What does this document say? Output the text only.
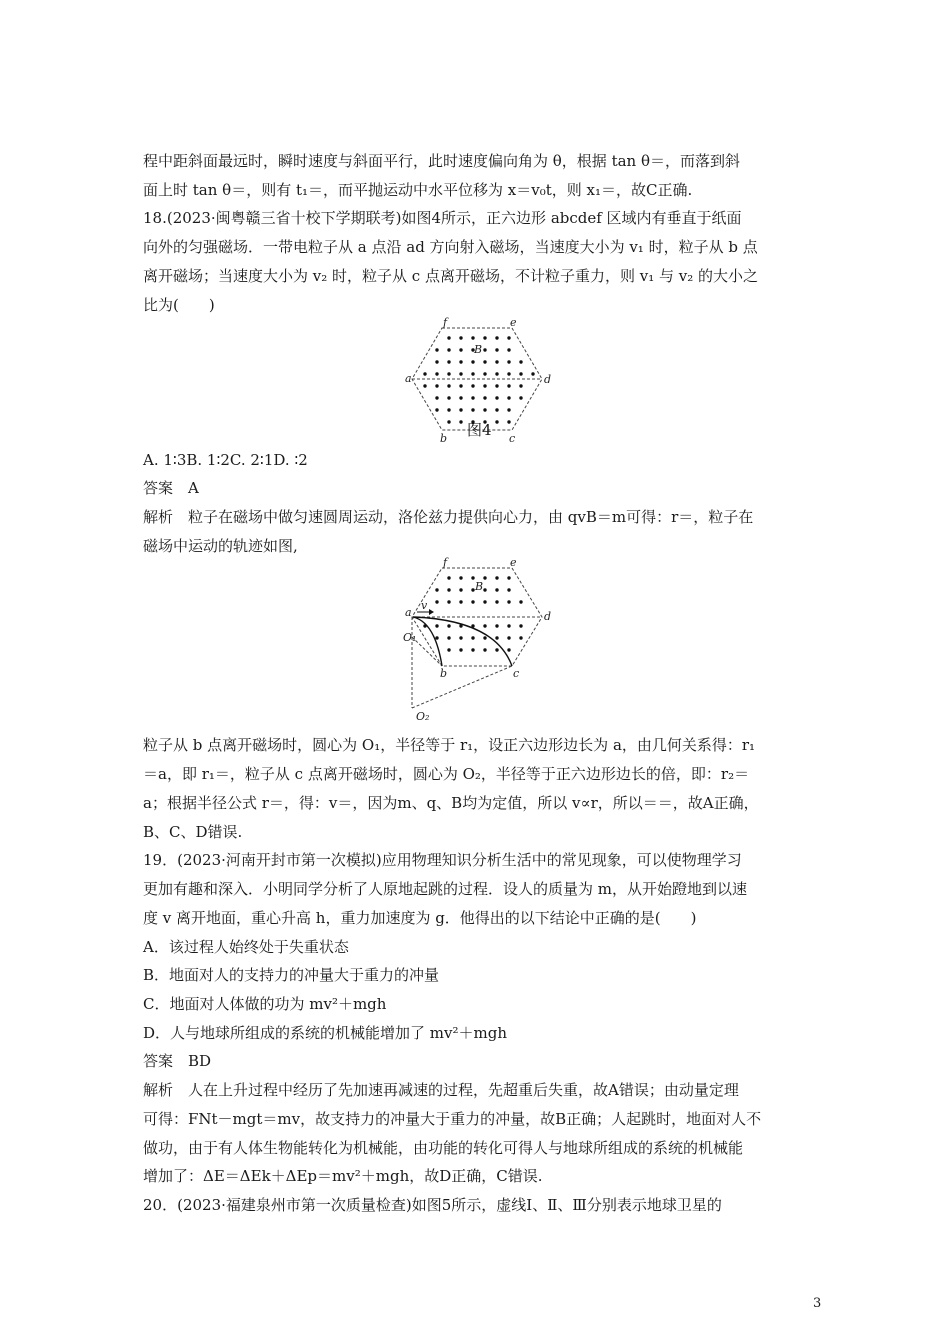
程中距斜面最远时，瞬时速度与斜面平行，此时速度偏向角为 θ，根据 tan θ＝，而落到斜
面上时 tan θ＝，则有 t₁＝，而平抛运动中水平位移为 x＝v₀t，则 x₁＝，故C正确.
18.(2023·闽粤赣三省十校下学期联考)如图4所示，正六边形 abcdef 区域内有垂直于纸面
向外的匀强磁场．一带电粒子从 a 点沿 ad 方向射入磁场，当速度大小为 v₁ 时，粒子从 b 点
离开磁场；当速度大小为 v₂ 时，粒子从 c 点离开磁场，不计粒子重力，则 v₁ 与 v₂ 的大小之
比为(　　)
f	e
a	d
b	c
B
图4
A. 1∶3B. 1∶2C. 2∶1D. ∶2
答案　A
解析　粒子在磁场中做匀速圆周运动，洛伦兹力提供向心力，由 qvB＝m可得：r＝，粒子在
磁场中运动的轨迹如图,
f	e
a
v
d
b	c
B
O₁
O₂
粒子从 b 点离开磁场时，圆心为 O₁，半径等于 r₁，设正六边形边长为 a，由几何关系得：r₁
＝a，即 r₁＝，粒子从 c 点离开磁场时，圆心为 O₂，半径等于正六边形边长的倍，即：r₂＝
a；根据半径公式 r＝，得：v＝，因为m、q、B均为定值，所以 v∝r，所以＝＝，故A正确，
B、C、D错误.
19．(2023·河南开封市第一次模拟)应用物理知识分析生活中的常见现象，可以使物理学习
更加有趣和深入．小明同学分析了人原地起跳的过程．设人的质量为 m，从开始蹬地到以速
度 v 离开地面，重心升高 h，重力加速度为 g．他得出的以下结论中正确的是(　　)
A．该过程人始终处于失重状态
B．地面对人的支持力的冲量大于重力的冲量
C．地面对人体做的功为 mv²＋mgh
D．人与地球所组成的系统的机械能增加了 mv²＋mgh
答案　BD
解析　人在上升过程中经历了先加速再减速的过程，先超重后失重，故A错误；由动量定理
可得：FNt－mgt＝mv，故支持力的冲量大于重力的冲量，故B正确；人起跳时，地面对人不
做功，由于有人体生物能转化为机械能，由功能的转化可得人与地球所组成的系统的机械能
增加了：ΔE＝ΔEk＋ΔEp＝mv²＋mgh，故D正确，C错误.
20．(2023·福建泉州市第一次质量检查)如图5所示，虚线Ⅰ、Ⅱ、Ⅲ分别表示地球卫星的
3
